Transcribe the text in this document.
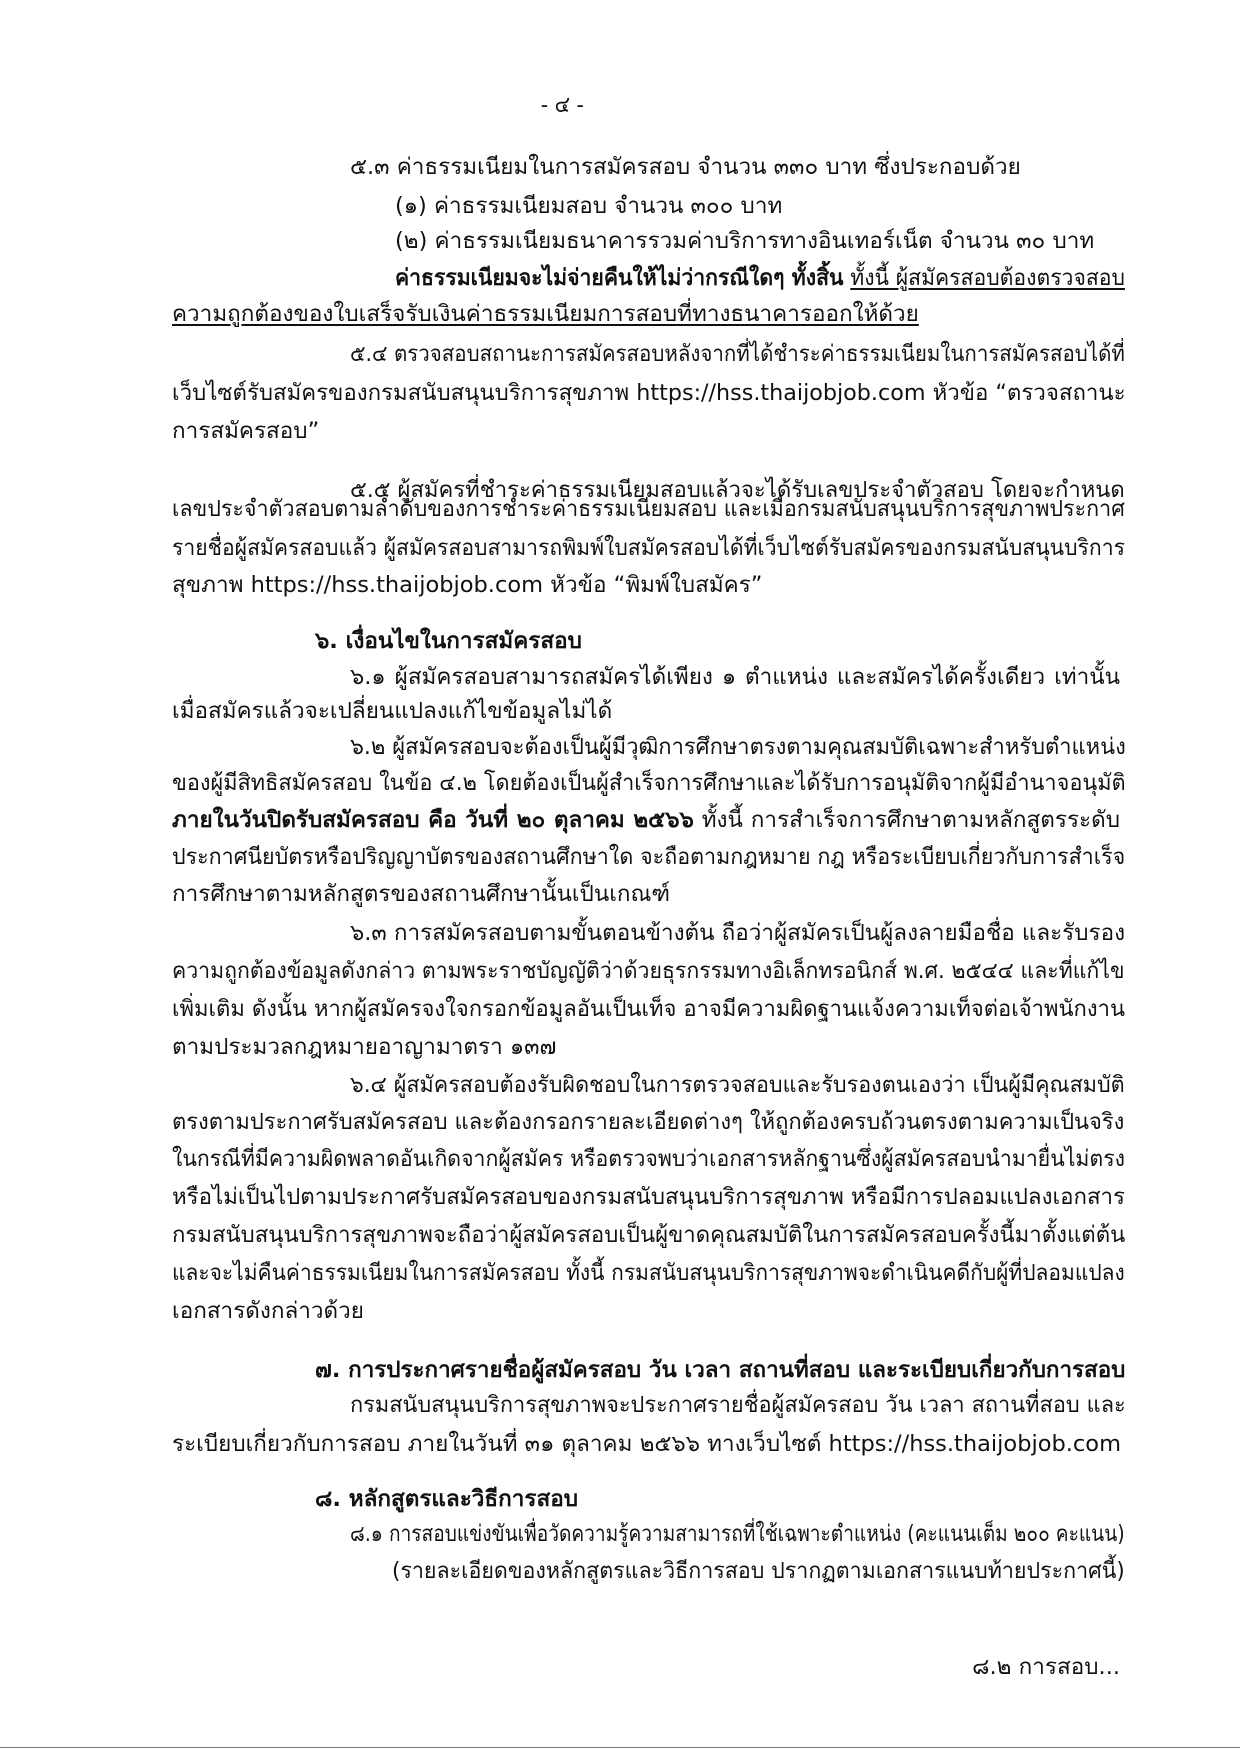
- ๔ -
๕.๓ ค่าธรรมเนียมในการสมัครสอบ จำนวน ๓๓๐ บาท ซึ่งประกอบด้วย
(๑) ค่าธรรมเนียมสอบ จำนวน ๓๐๐ บาท
(๒) ค่าธรรมเนียมธนาคารรวมค่าบริการทางอินเทอร์เน็ต จำนวน ๓๐ บาท
ค่าธรรมเนียมจะไม่จ่ายคืนให้ไม่ว่ากรณีใดๆ ทั้งสิ้น ทั้งนี้ ผู้สมัครสอบต้องตรวจสอบ
ความถูกต้องของใบเสร็จรับเงินค่าธรรมเนียมการสอบที่ทางธนาคารออกให้ด้วย
๕.๔ ตรวจสอบสถานะการสมัครสอบหลังจากที่ได้ชำระค่าธรรมเนียมในการสมัครสอบได้ที่
เว็บไซต์รับสมัครของกรมสนับสนุนบริการสุขภาพ https://hss.thaijobjob.com หัวข้อ “ตรวจสถานะ
การสมัครสอบ”
๕.๕ ผู้สมัครที่ชำระค่าธรรมเนียมสอบแล้วจะได้รับเลขประจำตัวสอบ โดยจะกำหนด
เลขประจำตัวสอบตามลำดับของการชำระค่าธรรมเนียมสอบ และเมื่อกรมสนับสนุนบริการสุขภาพประกาศ
รายชื่อผู้สมัครสอบแล้ว ผู้สมัครสอบสามารถพิมพ์ใบสมัครสอบได้ที่เว็บไซต์รับสมัครของกรมสนับสนุนบริการ
สุขภาพ https://hss.thaijobjob.com หัวข้อ “พิมพ์ใบสมัคร”
๖. เงื่อนไขในการสมัครสอบ
๖.๑ ผู้สมัครสอบสามารถสมัครได้เพียง ๑ ตำแหน่ง และสมัครได้ครั้งเดียว เท่านั้น
เมื่อสมัครแล้วจะเปลี่ยนแปลงแก้ไขข้อมูลไม่ได้
๖.๒ ผู้สมัครสอบจะต้องเป็นผู้มีวุฒิการศึกษาตรงตามคุณสมบัติเฉพาะสำหรับตำแหน่ง
ของผู้มีสิทธิสมัครสอบ ในข้อ ๔.๒ โดยต้องเป็นผู้สำเร็จการศึกษาและได้รับการอนุมัติจากผู้มีอำนาจอนุมัติ
ภายในวันปิดรับสมัครสอบ คือ วันที่ ๒๐ ตุลาคม ๒๕๖๖ ทั้งนี้ การสำเร็จการศึกษาตามหลักสูตรระดับ
ประกาศนียบัตรหรือปริญญาบัตรของสถานศึกษาใด จะถือตามกฎหมาย กฎ หรือระเบียบเกี่ยวกับการสำเร็จ
การศึกษาตามหลักสูตรของสถานศึกษานั้นเป็นเกณฑ์
๖.๓ การสมัครสอบตามขั้นตอนข้างต้น ถือว่าผู้สมัครเป็นผู้ลงลายมือชื่อ และรับรอง
ความถูกต้องข้อมูลดังกล่าว ตามพระราชบัญญัติว่าด้วยธุรกรรมทางอิเล็กทรอนิกส์ พ.ศ. ๒๕๔๔ และที่แก้ไข
เพิ่มเติม ดังนั้น หากผู้สมัครจงใจกรอกข้อมูลอันเป็นเท็จ อาจมีความผิดฐานแจ้งความเท็จต่อเจ้าพนักงาน
ตามประมวลกฎหมายอาญามาตรา ๑๓๗
๖.๔ ผู้สมัครสอบต้องรับผิดชอบในการตรวจสอบและรับรองตนเองว่า เป็นผู้มีคุณสมบัติ
ตรงตามประกาศรับสมัครสอบ และต้องกรอกรายละเอียดต่างๆ ให้ถูกต้องครบถ้วนตรงตามความเป็นจริง
ในกรณีที่มีความผิดพลาดอันเกิดจากผู้สมัคร หรือตรวจพบว่าเอกสารหลักฐานซึ่งผู้สมัครสอบนำมายื่นไม่ตรง
หรือไม่เป็นไปตามประกาศรับสมัครสอบของกรมสนับสนุนบริการสุขภาพ หรือมีการปลอมแปลงเอกสาร
กรมสนับสนุนบริการสุขภาพจะถือว่าผู้สมัครสอบเป็นผู้ขาดคุณสมบัติในการสมัครสอบครั้งนี้มาตั้งแต่ต้น
และจะไม่คืนค่าธรรมเนียมในการสมัครสอบ ทั้งนี้ กรมสนับสนุนบริการสุขภาพจะดำเนินคดีกับผู้ที่ปลอมแปลง
เอกสารดังกล่าวด้วย
๗. การประกาศรายชื่อผู้สมัครสอบ วัน เวลา สถานที่สอบ และระเบียบเกี่ยวกับการสอบ
กรมสนับสนุนบริการสุขภาพจะประกาศรายชื่อผู้สมัครสอบ วัน เวลา สถานที่สอบ และ
ระเบียบเกี่ยวกับการสอบ ภายในวันที่ ๓๑ ตุลาคม ๒๕๖๖ ทางเว็บไซต์ https://hss.thaijobjob.com
๘. หลักสูตรและวิธีการสอบ
๘.๑ การสอบแข่งขันเพื่อวัดความรู้ความสามารถที่ใช้เฉพาะตำแหน่ง (คะแนนเต็ม ๒๐๐ คะแนน)
(รายละเอียดของหลักสูตรและวิธีการสอบ ปรากฏตามเอกสารแนบท้ายประกาศนี้)
๘.๒ การสอบ...
